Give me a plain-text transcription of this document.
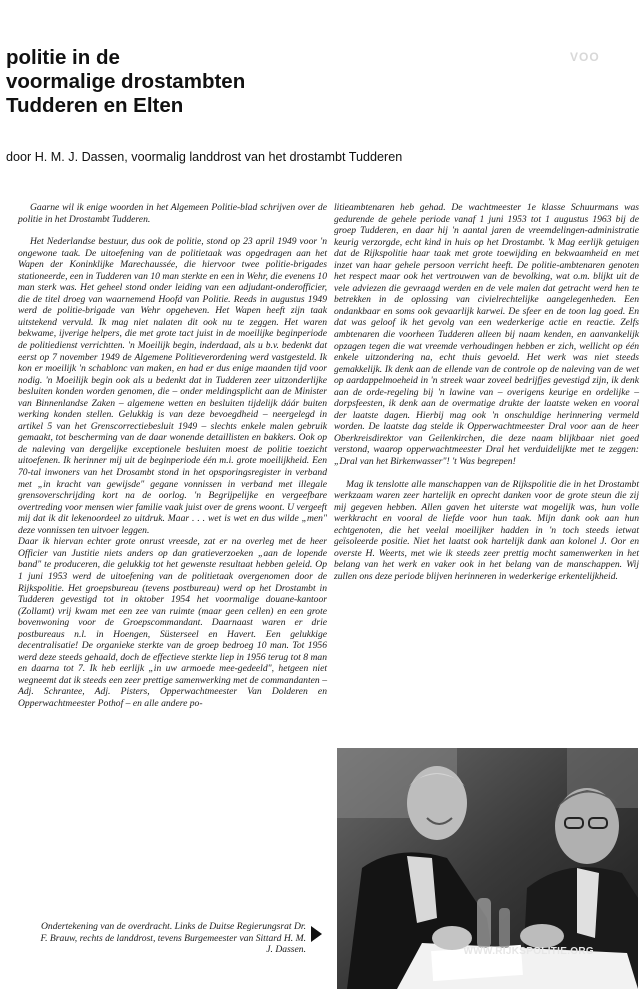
politie in de
voormalige drostambten
Tudderen en Elten
VOO
door H. M. J. Dassen, voormalig landdrost van het drostambt Tudderen

Gaarne wil ik enige woorden in het Algemeen Politie-blad schrijven over de politie in het Drostambt Tudderen.

Het Nederlandse bestuur, dus ook de politie, stond op 23 april 1949 voor 'n ongewone taak. De uitoefening van de politietaak was opgedragen aan het Wapen der Koninklijke Marechaussée, die hiervoor twee politie-brigades stationeerde, een in Tudderen van 10 man sterkte en een in Wehr, die evenens 10 man sterk was. Het geheel stond onder leiding van een adjudant-onderofficier, die de titel droeg van waarnemend Hoofd van Politie. Reeds in augustus 1949 werd de politie-brigade van Wehr opgeheven. Het Wapen heeft zijn taak uitstekend vervuld. Ik mag niet nalaten dit ook nu te zeggen. Het waren bekwame, ijverige helpers, die met grote tact juist in de moeilijke beginperiode de politiedienst verrichtten. 'n Moeilijk begin, inderdaad, als u b.v. bedenkt dat eerst op 7 november 1949 de Algemene Politieverordening werd vastgesteld. Ik kon er moeilijk 'n schablonc van maken, en had er dus enige maanden tijd voor nodig. 'n Moeilijk begin ook als u bedenkt dat in Tudderen zeer uitzonderlijke besluiten konden worden genomen, die – onder meldingsplicht aan de Minister van Binnenlandse Zaken – algemene wetten en besluiten tijdelijk dáár buiten werking konden stellen. Gelukkig is van deze bevoegdheid – neergelegd in artikel 5 van het Grenscorrectiebesluit 1949 – slechts enkele malen gebruik gemaakt, tot bescherming van de daar wonende detaillisten en bakkers. Ook op de naleving van dergelijke exceptionele besluiten moest de politie toezicht uitoefenen. Ik herinner mij uit de beginperiode één m.i. grote moeilijkheid. Een 70-tal inwoners van het Drosambt stond in het opsporingsregister in verband met „in kracht van gewijsde" gegane vonnissen in verband met illegale grensoverschrijding kort na de oorlog. 'n Begrijpelijke en vergeefbare overtreding voor mensen wier familie vaak juist over de grens woont. U vergeeft mij dat ik dit lekenoordeel zo uitdruk. Maar . . . wet is wet en dus wilde „men" deze vonnissen ten uitvoer leggen.

Daar ik hiervan echter grote onrust vreesde, zat er na overleg met de heer Officier van Justitie niets anders op dan gratieverzoeken „aan de lopende band" te produceren, die gelukkig tot het gewenste resultaat hebben geleid. Op 1 juni 1953 werd de uitoefening van de politietaak overgenomen door de Rijkspolitie. Het groepsbureau (tevens postbureau) werd op het Drostambt in Tudderen gevestigd tot in oktober 1954 het voormalige douane-kantoor (Zollamt) vrij kwam met een zee van ruimte (maar geen cellen) en een grote bovenwoning voor de Groepscommandant. Daarnaast waren er drie postbureaus n.l. in Hoengen, Süsterseel en Havert. Een gelukkige decentralisatie! De organieke sterkte van de groep bedroeg 10 man. Tot 1956 werd deze steeds gehaald, doch de effectieve sterkte liep in 1956 terug tot 8 man en daarna tot 7. Ik heb eerlijk „in uw armoede mee-gedeeld", hetgeen niet wegneemt dat ik steeds een zeer prettige samenwerking met de commandanten – Adj. Schrantee, Adj. Pisters, Opperwachtmeester Van Dolderen en Opperwachtmeester Pothof – en alle andere po-

litieambtenaren heb gehad. De wachtmeester 1e klasse Schuurmans was gedurende de gehele periode vanaf 1 juni 1953 tot 1 augustus 1963 bij de groep Tudderen, en daar hij 'n aantal jaren de vreemdelingen-administratie keurig verzorgde, echt kind in huis op het Drostambt. 'k Mag eerlijk getuigen dat de Rijkspolitie haar taak met grote toewijding en bekwaamheid en met inzet van haar gehele persoon verricht heeft. De politie-ambtenaren genoten het respect maar ook het vertrouwen van de bevolking, wat o.m. blijkt uit de vele adviezen die gevraagd werden en de vele malen dat getracht werd hen te betrekken in de oplossing van civielrechtelijke aangelegenheden. Een ondankbaar en soms ook gevaarlijk karwei. De sfeer en de toon lag goed. En dat was geloof ik het gevolg van een wederkerige actie en reactie. Zelfs ambtenaren die voorheen Tudderen alleen bij naam kenden, en aanvankelijk opzagen tegen die wat vreemde verhoudingen hebben er zich, wellicht op één enkele uitzondering na, echt thuis gevoeld. Het werk was niet steeds gemakkelijk. Ik denk aan de ellende van de controle op de naleving van de wet op aardappelmoeheid in 'n streek waar zoveel bedrijfjes gevestigd zijn, ik denk aan de orde-regeling bij 'n lawine van – overigens keurige en ordelijke – dorpsfeesten, ik denk aan de overmatige drukte der laatste weken en vooral der laatste dagen. Hierbij mag ook 'n onschuldige herinnering vermeld worden. De laatste dag stelde ik Opperwachtmeester Dral voor aan de heer Oberkreisdirektor van Geilenkirchen, die deze naam blijkbaar niet goed verstond, waarop opperwachtmeester Dral het verduidelijkte met te zeggen: „Dral van het Birkenwasser"! 't Was begrepen!

Mag ik tenslotte alle manschappen van de Rijkspolitie die in het Drostambt werkzaam waren zeer hartelijk en oprecht danken voor de grote steun die zij mij gegeven hebben. Allen gaven het uiterste wat mogelijk was, hun volle werkkracht en vooral de liefde voor hun taak. Mijn dank ook aan hun echtgenoten, die het veelal moeilijker hadden in 'n toch steeds ietwat geïsoleerde positie. Niet het laatst ook hartelijk dank aan kolonel J. Oor en overste H. Weerts, met wie ik steeds zeer prettig mocht samenwerken in het belang van het werk en vaker ook in het belang van de manschappen. Wij zullen ons deze periode blijven herinneren in wederkerige erkentelijkheid.

WWW.RIJKSPOLITIE.ORG
Ondertekening van de overdracht. Links de Duitse Regierungsrat Dr. F. Brauw, rechts de landdrost, tevens Burgemeester van Sittard H. M. J. Dassen.
